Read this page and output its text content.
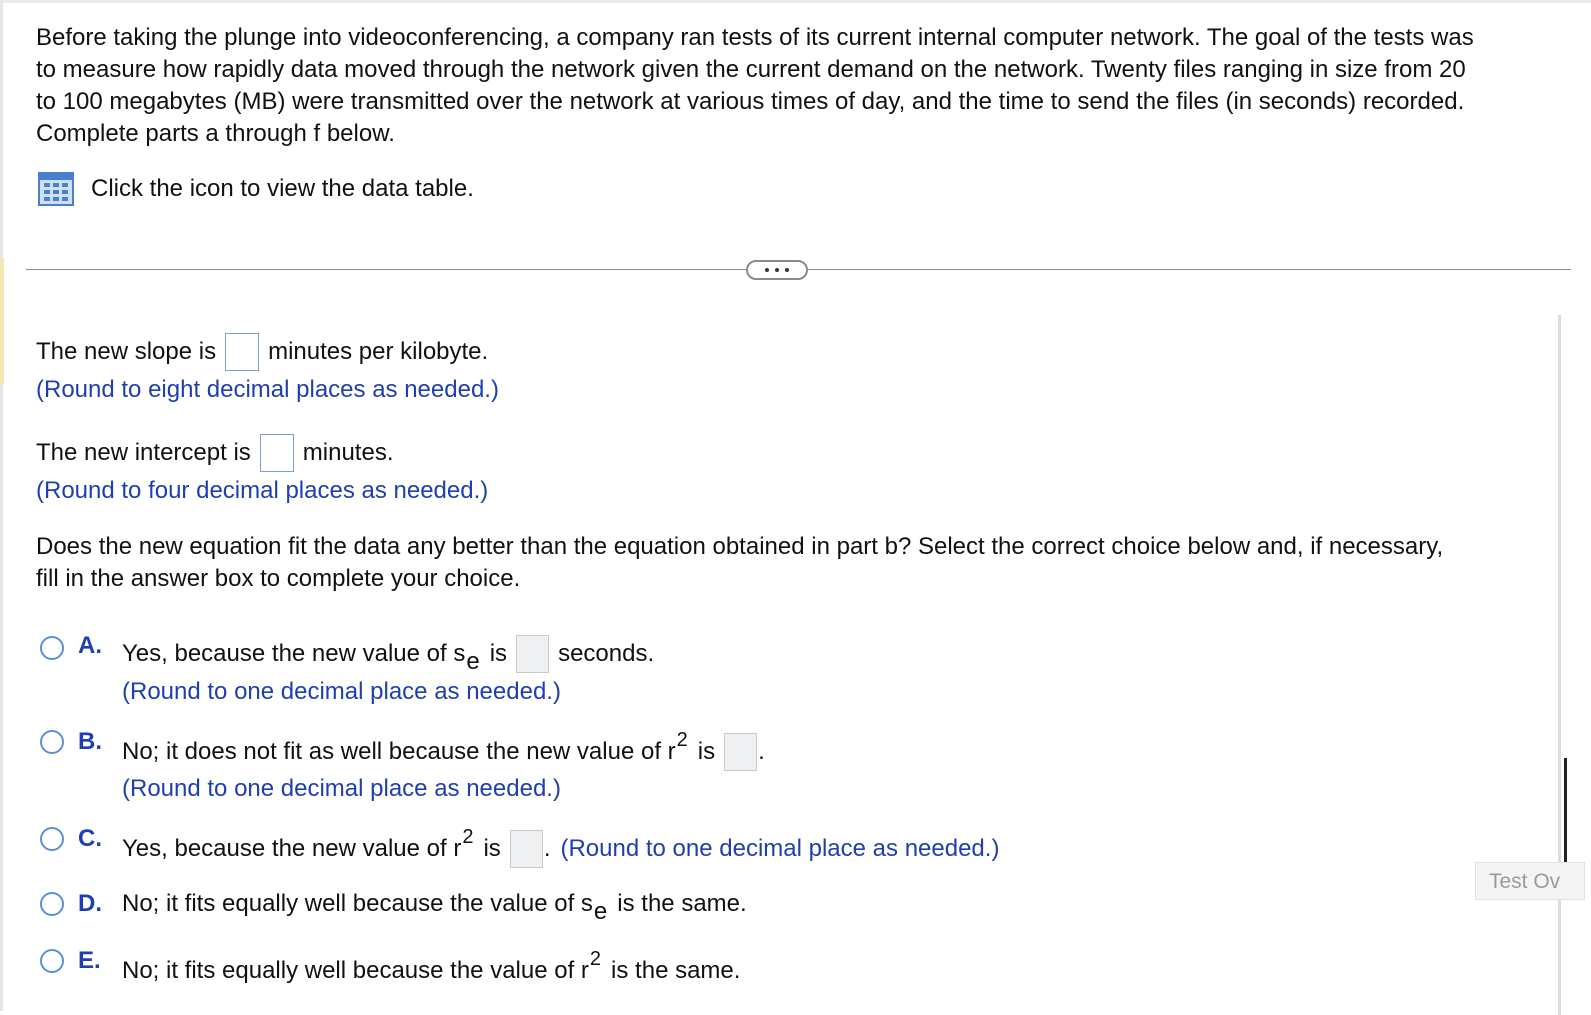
Before taking the plunge into videoconferencing, a company ran tests of its current internal computer network. The goal of the tests was
to measure how rapidly data moved through the network given the current demand on the network. Twenty files ranging in size from 20
to 100 megabytes (MB) were transmitted over the network at various times of day, and the time to send the files (in seconds) recorded.
Complete parts a through f below.
Click the icon to view the data table.
The new slope is minutes per kilobyte.
(Round to eight decimal places as needed.)
The new intercept is minutes.
(Round to four decimal places as needed.)
Does the new equation fit the data any better than the equation obtained in part b? Select the correct choice below and, if necessary,
fill in the answer box to complete your choice.
A. Yes, because the new value of s e is seconds.
(Round to one decimal place as needed.)
B. No; it does not fit as well because the new value of r 2 is .
(Round to one decimal place as needed.)
C. Yes, because the new value of r 2 is . (Round to one decimal place as needed.)
D. No; it fits equally well because the value of s e is the same.
E. No; it fits equally well because the value of r 2 is the same.
Test Ov
